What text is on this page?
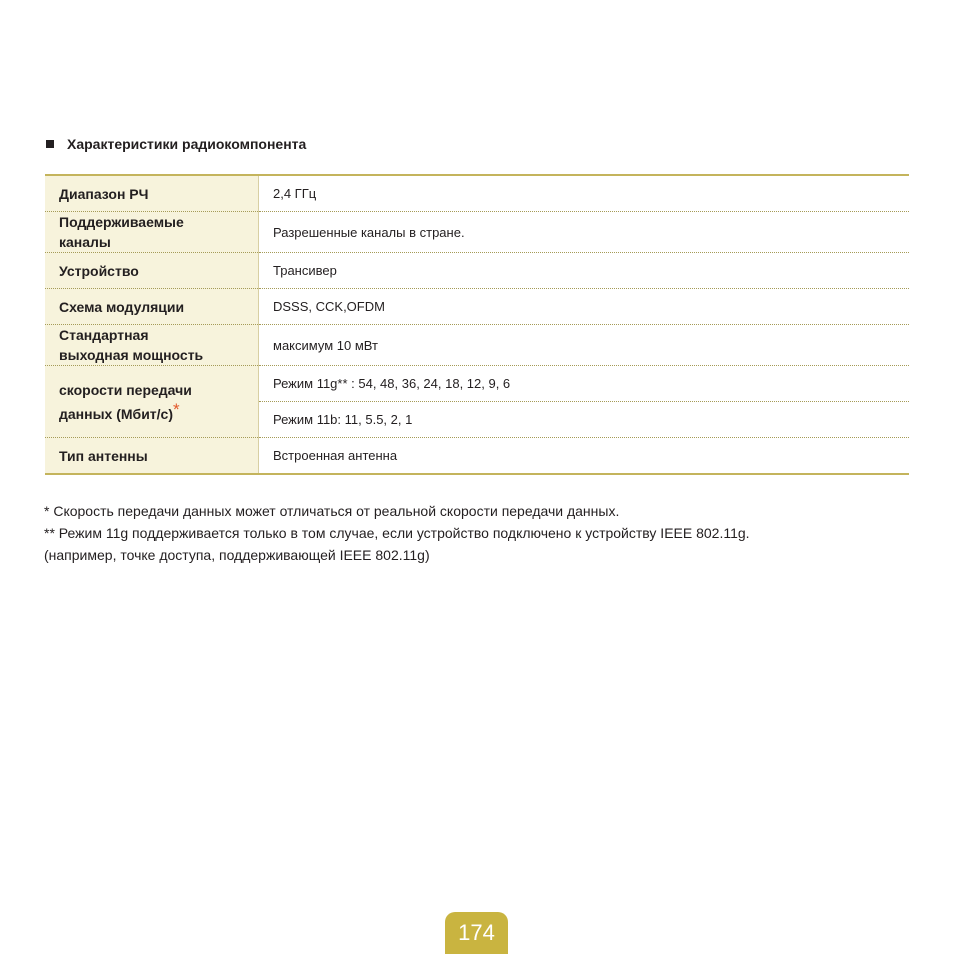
Характеристики радиокомпонента
Диапазон РЧ	2,4 ГГц
Поддерживаемые
каналы	Разрешенные каналы в стране.
Устройство	Трансивер
Схема модуляции	DSSS, CCK,OFDM
Стандартная
выходная мощность	максимум 10 мВт
скорости передачи
данных (Мбит/с)*	Режим 11g** : 54, 48, 36, 24, 18, 12, 9, 6
	Режим 11b: 11, 5.5, 2, 1
Тип антенны	Встроенная антенна
* Скорость передачи данных может отличаться от реальной скорости передачи данных.
** Режим 11g поддерживается только в том случае, если устройство подключено к устройству IEEE 802.11g.
(например, точке доступа, поддерживающей IEEE 802.11g)
174
